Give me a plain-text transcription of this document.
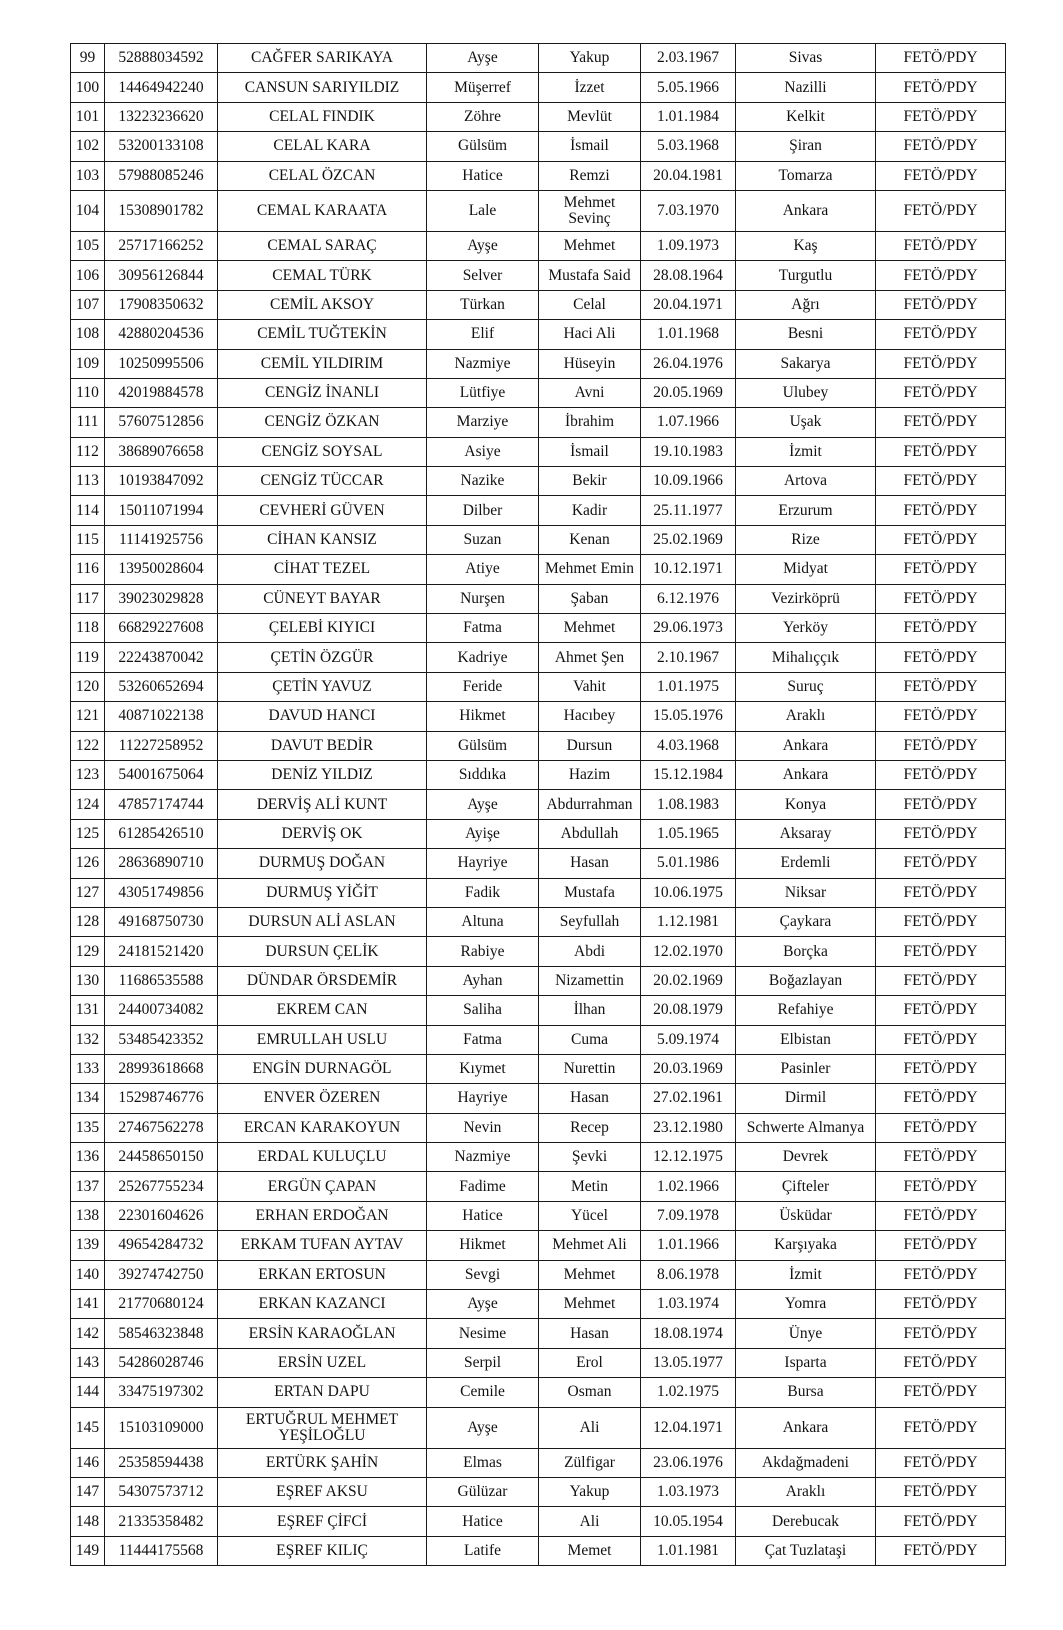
99	52888034592	CAĞFER SARIKAYA	Ayşe	Yakup	2.03.1967	Sivas	FETÖ/PDY
100	14464942240	CANSUN SARIYILDIZ	Müşerref	İzzet	5.05.1966	Nazilli	FETÖ/PDY
101	13223236620	CELAL FINDIK	Zöhre	Mevlüt	1.01.1984	Kelkit	FETÖ/PDY
102	53200133108	CELAL KARA	Gülsüm	İsmail	5.03.1968	Şiran	FETÖ/PDY
103	57988085246	CELAL ÖZCAN	Hatice	Remzi	20.04.1981	Tomarza	FETÖ/PDY
104	15308901782	CEMAL KARAATA	Lale	Mehmet Sevinç	7.03.1970	Ankara	FETÖ/PDY
105	25717166252	CEMAL SARAÇ	Ayşe	Mehmet	1.09.1973	Kaş	FETÖ/PDY
106	30956126844	CEMAL TÜRK	Selver	Mustafa Said	28.08.1964	Turgutlu	FETÖ/PDY
107	17908350632	CEMİL AKSOY	Türkan	Celal	20.04.1971	Ağrı	FETÖ/PDY
108	42880204536	CEMİL TUĞTEKİN	Elif	Haci Ali	1.01.1968	Besni	FETÖ/PDY
109	10250995506	CEMİL YILDIRIM	Nazmiye	Hüseyin	26.04.1976	Sakarya	FETÖ/PDY
110	42019884578	CENGİZ İNANLI	Lütfiye	Avni	20.05.1969	Ulubey	FETÖ/PDY
111	57607512856	CENGİZ ÖZKAN	Marziye	İbrahim	1.07.1966	Uşak	FETÖ/PDY
112	38689076658	CENGİZ SOYSAL	Asiye	İsmail	19.10.1983	İzmit	FETÖ/PDY
113	10193847092	CENGİZ TÜCCAR	Nazike	Bekir	10.09.1966	Artova	FETÖ/PDY
114	15011071994	CEVHERİ GÜVEN	Dilber	Kadir	25.11.1977	Erzurum	FETÖ/PDY
115	11141925756	CİHAN KANSIZ	Suzan	Kenan	25.02.1969	Rize	FETÖ/PDY
116	13950028604	CİHAT TEZEL	Atiye	Mehmet Emin	10.12.1971	Midyat	FETÖ/PDY
117	39023029828	CÜNEYT BAYAR	Nurşen	Şaban	6.12.1976	Vezirköprü	FETÖ/PDY
118	66829227608	ÇELEBİ KIYICI	Fatma	Mehmet	29.06.1973	Yerköy	FETÖ/PDY
119	22243870042	ÇETİN ÖZGÜR	Kadriye	Ahmet Şen	2.10.1967	Mihalıççık	FETÖ/PDY
120	53260652694	ÇETİN YAVUZ	Feride	Vahit	1.01.1975	Suruç	FETÖ/PDY
121	40871022138	DAVUD HANCI	Hikmet	Hacıbey	15.05.1976	Araklı	FETÖ/PDY
122	11227258952	DAVUT BEDİR	Gülsüm	Dursun	4.03.1968	Ankara	FETÖ/PDY
123	54001675064	DENİZ YILDIZ	Sıddıka	Hazim	15.12.1984	Ankara	FETÖ/PDY
124	47857174744	DERVİŞ ALİ KUNT	Ayşe	Abdurrahman	1.08.1983	Konya	FETÖ/PDY
125	61285426510	DERVİŞ OK	Ayişe	Abdullah	1.05.1965	Aksaray	FETÖ/PDY
126	28636890710	DURMUŞ DOĞAN	Hayriye	Hasan	5.01.1986	Erdemli	FETÖ/PDY
127	43051749856	DURMUŞ YİĞİT	Fadik	Mustafa	10.06.1975	Niksar	FETÖ/PDY
128	49168750730	DURSUN ALİ ASLAN	Altuna	Seyfullah	1.12.1981	Çaykara	FETÖ/PDY
129	24181521420	DURSUN ÇELİK	Rabiye	Abdi	12.02.1970	Borçka	FETÖ/PDY
130	11686535588	DÜNDAR ÖRSDEMİR	Ayhan	Nizamettin	20.02.1969	Boğazlayan	FETÖ/PDY
131	24400734082	EKREM CAN	Saliha	İlhan	20.08.1979	Refahiye	FETÖ/PDY
132	53485423352	EMRULLAH USLU	Fatma	Cuma	5.09.1974	Elbistan	FETÖ/PDY
133	28993618668	ENGİN DURNAGÖL	Kıymet	Nurettin	20.03.1969	Pasinler	FETÖ/PDY
134	15298746776	ENVER ÖZEREN	Hayriye	Hasan	27.02.1961	Dirmil	FETÖ/PDY
135	27467562278	ERCAN KARAKOYUN	Nevin	Recep	23.12.1980	Schwerte Almanya	FETÖ/PDY
136	24458650150	ERDAL KULUÇLU	Nazmiye	Şevki	12.12.1975	Devrek	FETÖ/PDY
137	25267755234	ERGÜN ÇAPAN	Fadime	Metin	1.02.1966	Çifteler	FETÖ/PDY
138	22301604626	ERHAN ERDOĞAN	Hatice	Yücel	7.09.1978	Üsküdar	FETÖ/PDY
139	49654284732	ERKAM TUFAN AYTAV	Hikmet	Mehmet Ali	1.01.1966	Karşıyaka	FETÖ/PDY
140	39274742750	ERKAN ERTOSUN	Sevgi	Mehmet	8.06.1978	İzmit	FETÖ/PDY
141	21770680124	ERKAN KAZANCI	Ayşe	Mehmet	1.03.1974	Yomra	FETÖ/PDY
142	58546323848	ERSİN KARAOĞLAN	Nesime	Hasan	18.08.1974	Ünye	FETÖ/PDY
143	54286028746	ERSİN UZEL	Serpil	Erol	13.05.1977	Isparta	FETÖ/PDY
144	33475197302	ERTAN DAPU	Cemile	Osman	1.02.1975	Bursa	FETÖ/PDY
145	15103109000	ERTUĞRUL MEHMET YEŞİLOĞLU	Ayşe	Ali	12.04.1971	Ankara	FETÖ/PDY
146	25358594438	ERTÜRK ŞAHİN	Elmas	Zülfigar	23.06.1976	Akdağmadeni	FETÖ/PDY
147	54307573712	EŞREF AKSU	Gülüzar	Yakup	1.03.1973	Araklı	FETÖ/PDY
148	21335358482	EŞREF ÇİFCİ	Hatice	Ali	10.05.1954	Derebucak	FETÖ/PDY
149	11444175568	EŞREF KILIÇ	Latife	Memet	1.01.1981	Çat Tuzlataşi	FETÖ/PDY
